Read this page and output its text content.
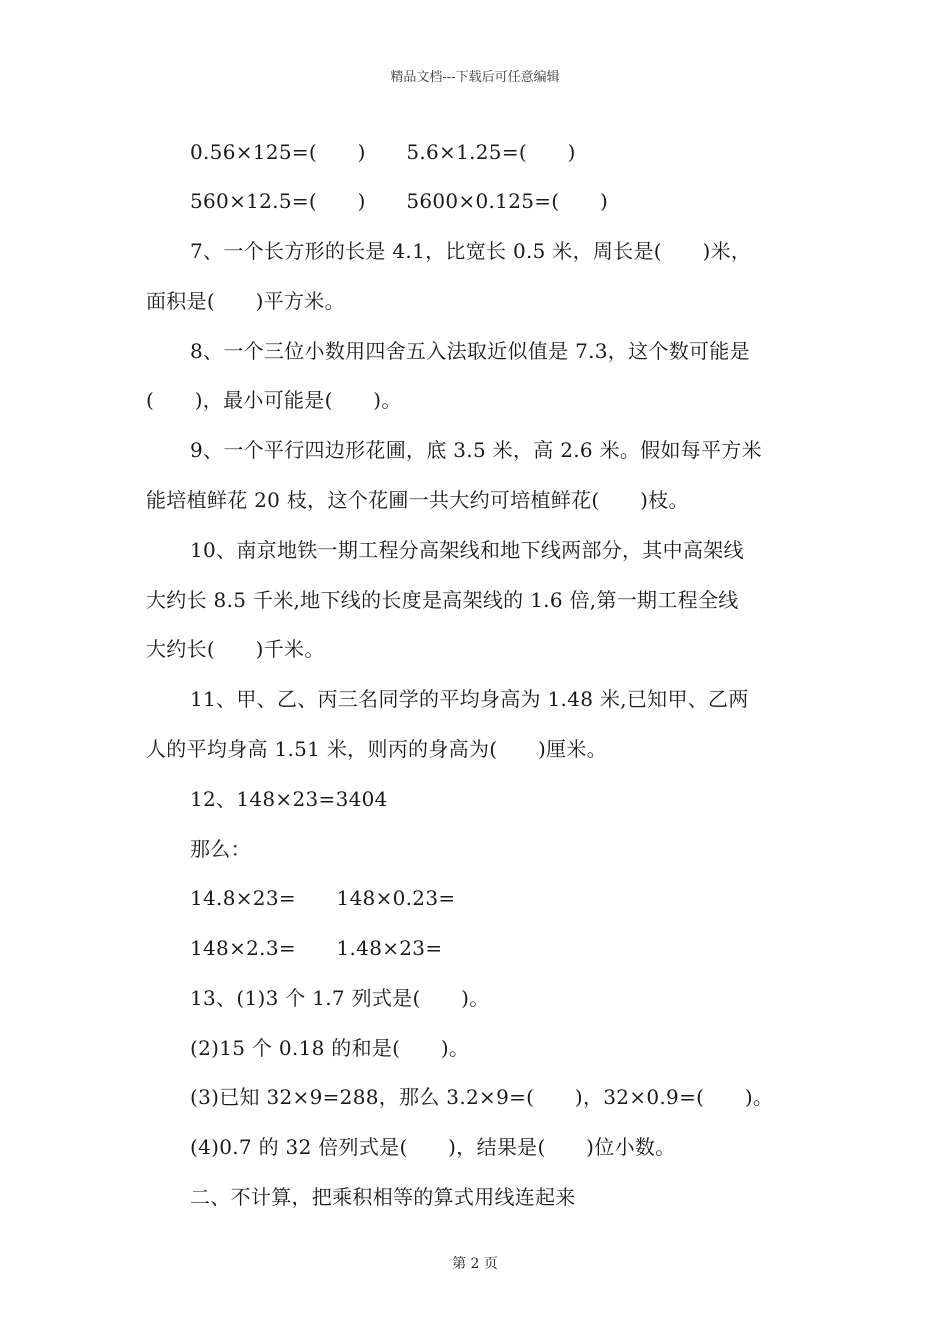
精品文档---下载后可任意编辑
0.56×125=(　　)　　5.6×1.25=(　　)
560×12.5=(　　)　　5600×0.125=(　　)
7、一个长方形的长是 4.1，比宽长 0.5 米，周长是(　　)米，
面积是(　　)平方米。
8、一个三位小数用四舍五入法取近似值是 7.3，这个数可能是
(　　)，最小可能是(　　)。
9、一个平行四边形花圃，底 3.5 米，高 2.6 米。假如每平方米
能培植鲜花 20 枝，这个花圃一共大约可培植鲜花(　　)枝。
10、南京地铁一期工程分高架线和地下线两部分，其中高架线
大约长 8.5 千米,地下线的长度是高架线的 1.6 倍,第一期工程全线
大约长(　　)千米。
11、甲、乙、丙三名同学的平均身高为 1.48 米,已知甲、乙两
人的平均身高 1.51 米，则丙的身高为(　　)厘米。
12、148×23=3404
那么：
14.8×23=　　148×0.23=
148×2.3=　　1.48×23=
13、(1)3 个 1.7 列式是(　　)。
(2)15 个 0.18 的和是(　　)。
(3)已知 32×9=288，那么 3.2×9=(　　)，32×0.9=(　　)。
(4)0.7 的 32 倍列式是(　　)，结果是(　　)位小数。
二、不计算，把乘积相等的算式用线连起来
第 2 页
